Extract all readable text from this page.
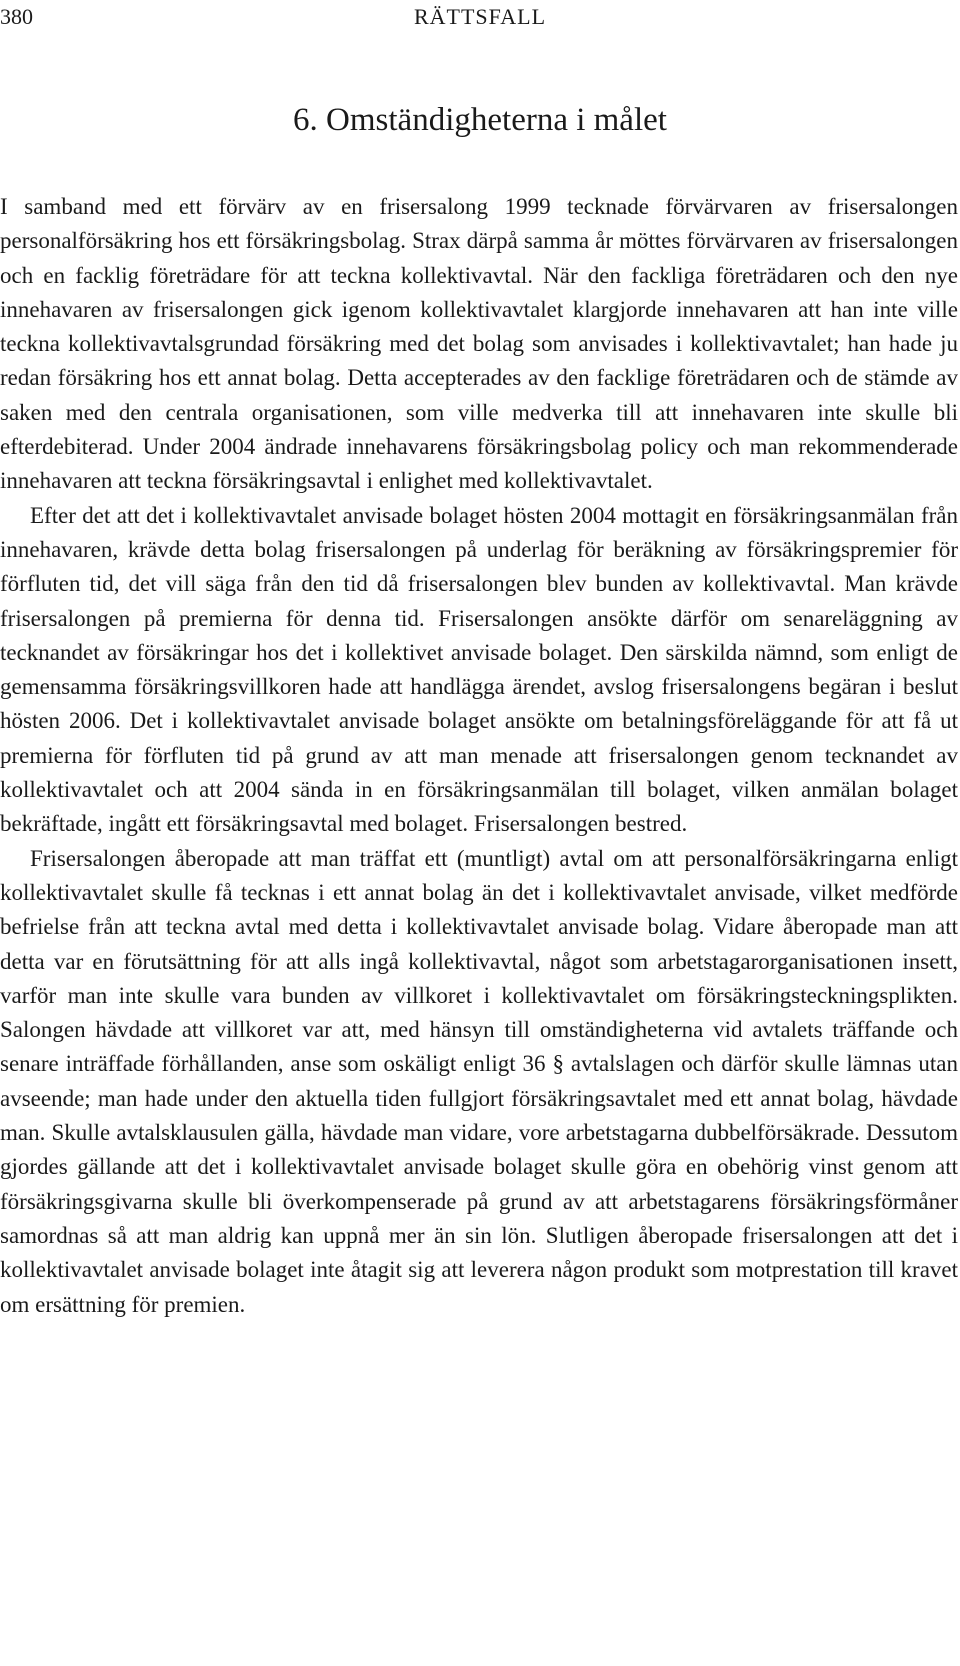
380	RÄTTSFALL
6. Omständigheterna i målet

I samband med ett förvärv av en frisersalong 1999 tecknade förvärvaren av frisersalongen personalförsäkring hos ett försäkringsbolag. Strax därpå samma år möttes förvärvaren av frisersalongen och en facklig företrädare för att teckna kollektivavtal. När den fackliga företrädaren och den nye innehavaren av frisersalongen gick igenom kollektivavtalet klargjorde innehavaren att han inte ville teckna kollektivavtalsgrundad försäkring med det bolag som anvisades i kollektivavtalet; han hade ju redan försäkring hos ett annat bolag. Detta accepterades av den facklige företrädaren och de stämde av saken med den centrala organisationen, som ville medverka till att innehavaren inte skulle bli efterdebiterad. Under 2004 ändrade innehavarens försäkringsbolag policy och man rekommenderade innehavaren att teckna försäkringsavtal i enlighet med kollektivavtalet.

Efter det att det i kollektivavtalet anvisade bolaget hösten 2004 mottagit en försäkringsanmälan från innehavaren, krävde detta bolag frisersalongen på underlag för beräkning av försäkringspremier för förfluten tid, det vill säga från den tid då frisersalongen blev bunden av kollektivavtal. Man krävde frisersalongen på premierna för denna tid. Frisersalongen ansökte därför om senareläggning av tecknandet av försäkringar hos det i kollektivet anvisade bolaget. Den särskilda nämnd, som enligt de gemensamma försäkringsvillkoren hade att handlägga ärendet, avslog frisersalongens begäran i beslut hösten 2006. Det i kollektivavtalet anvisade bolaget ansökte om betalningsföreläggande för att få ut premierna för förfluten tid på grund av att man menade att frisersalongen genom tecknandet av kollektivavtalet och att 2004 sända in en försäkringsanmälan till bolaget, vilken anmälan bolaget bekräftade, ingått ett försäkringsavtal med bolaget. Frisersalongen bestred.

Frisersalongen åberopade att man träffat ett (muntligt) avtal om att personalförsäkringarna enligt kollektivavtalet skulle få tecknas i ett annat bolag än det i kollektivavtalet anvisade, vilket medförde befrielse från att teckna avtal med detta i kollektivavtalet anvisade bolag. Vidare åberopade man att detta var en förutsättning för att alls ingå kollektivavtal, något som arbetstagarorganisationen insett, varför man inte skulle vara bunden av villkoret i kollektivavtalet om försäkringsteckningsplikten. Salongen hävdade att villkoret var att, med hänsyn till omständigheterna vid avtalets träffande och senare inträffade förhållanden, anse som oskäligt enligt 36 § avtalslagen och därför skulle lämnas utan avseende; man hade under den aktuella tiden fullgjort försäkringsavtalet med ett annat bolag, hävdade man. Skulle avtalsklausulen gälla, hävdade man vidare, vore arbetstagarna dubbelförsäkrade. Dessutom gjordes gällande att det i kollektivavtalet anvisade bolaget skulle göra en obehörig vinst genom att försäkringsgivarna skulle bli överkompenserade på grund av att arbetstagarens försäkringsförmåner samordnas så att man aldrig kan uppnå mer än sin lön. Slutligen åberopade frisersalongen att det i kollektivavtalet anvisade bolaget inte åtagit sig att leverera någon produkt som motprestation till kravet om ersättning för premien.
